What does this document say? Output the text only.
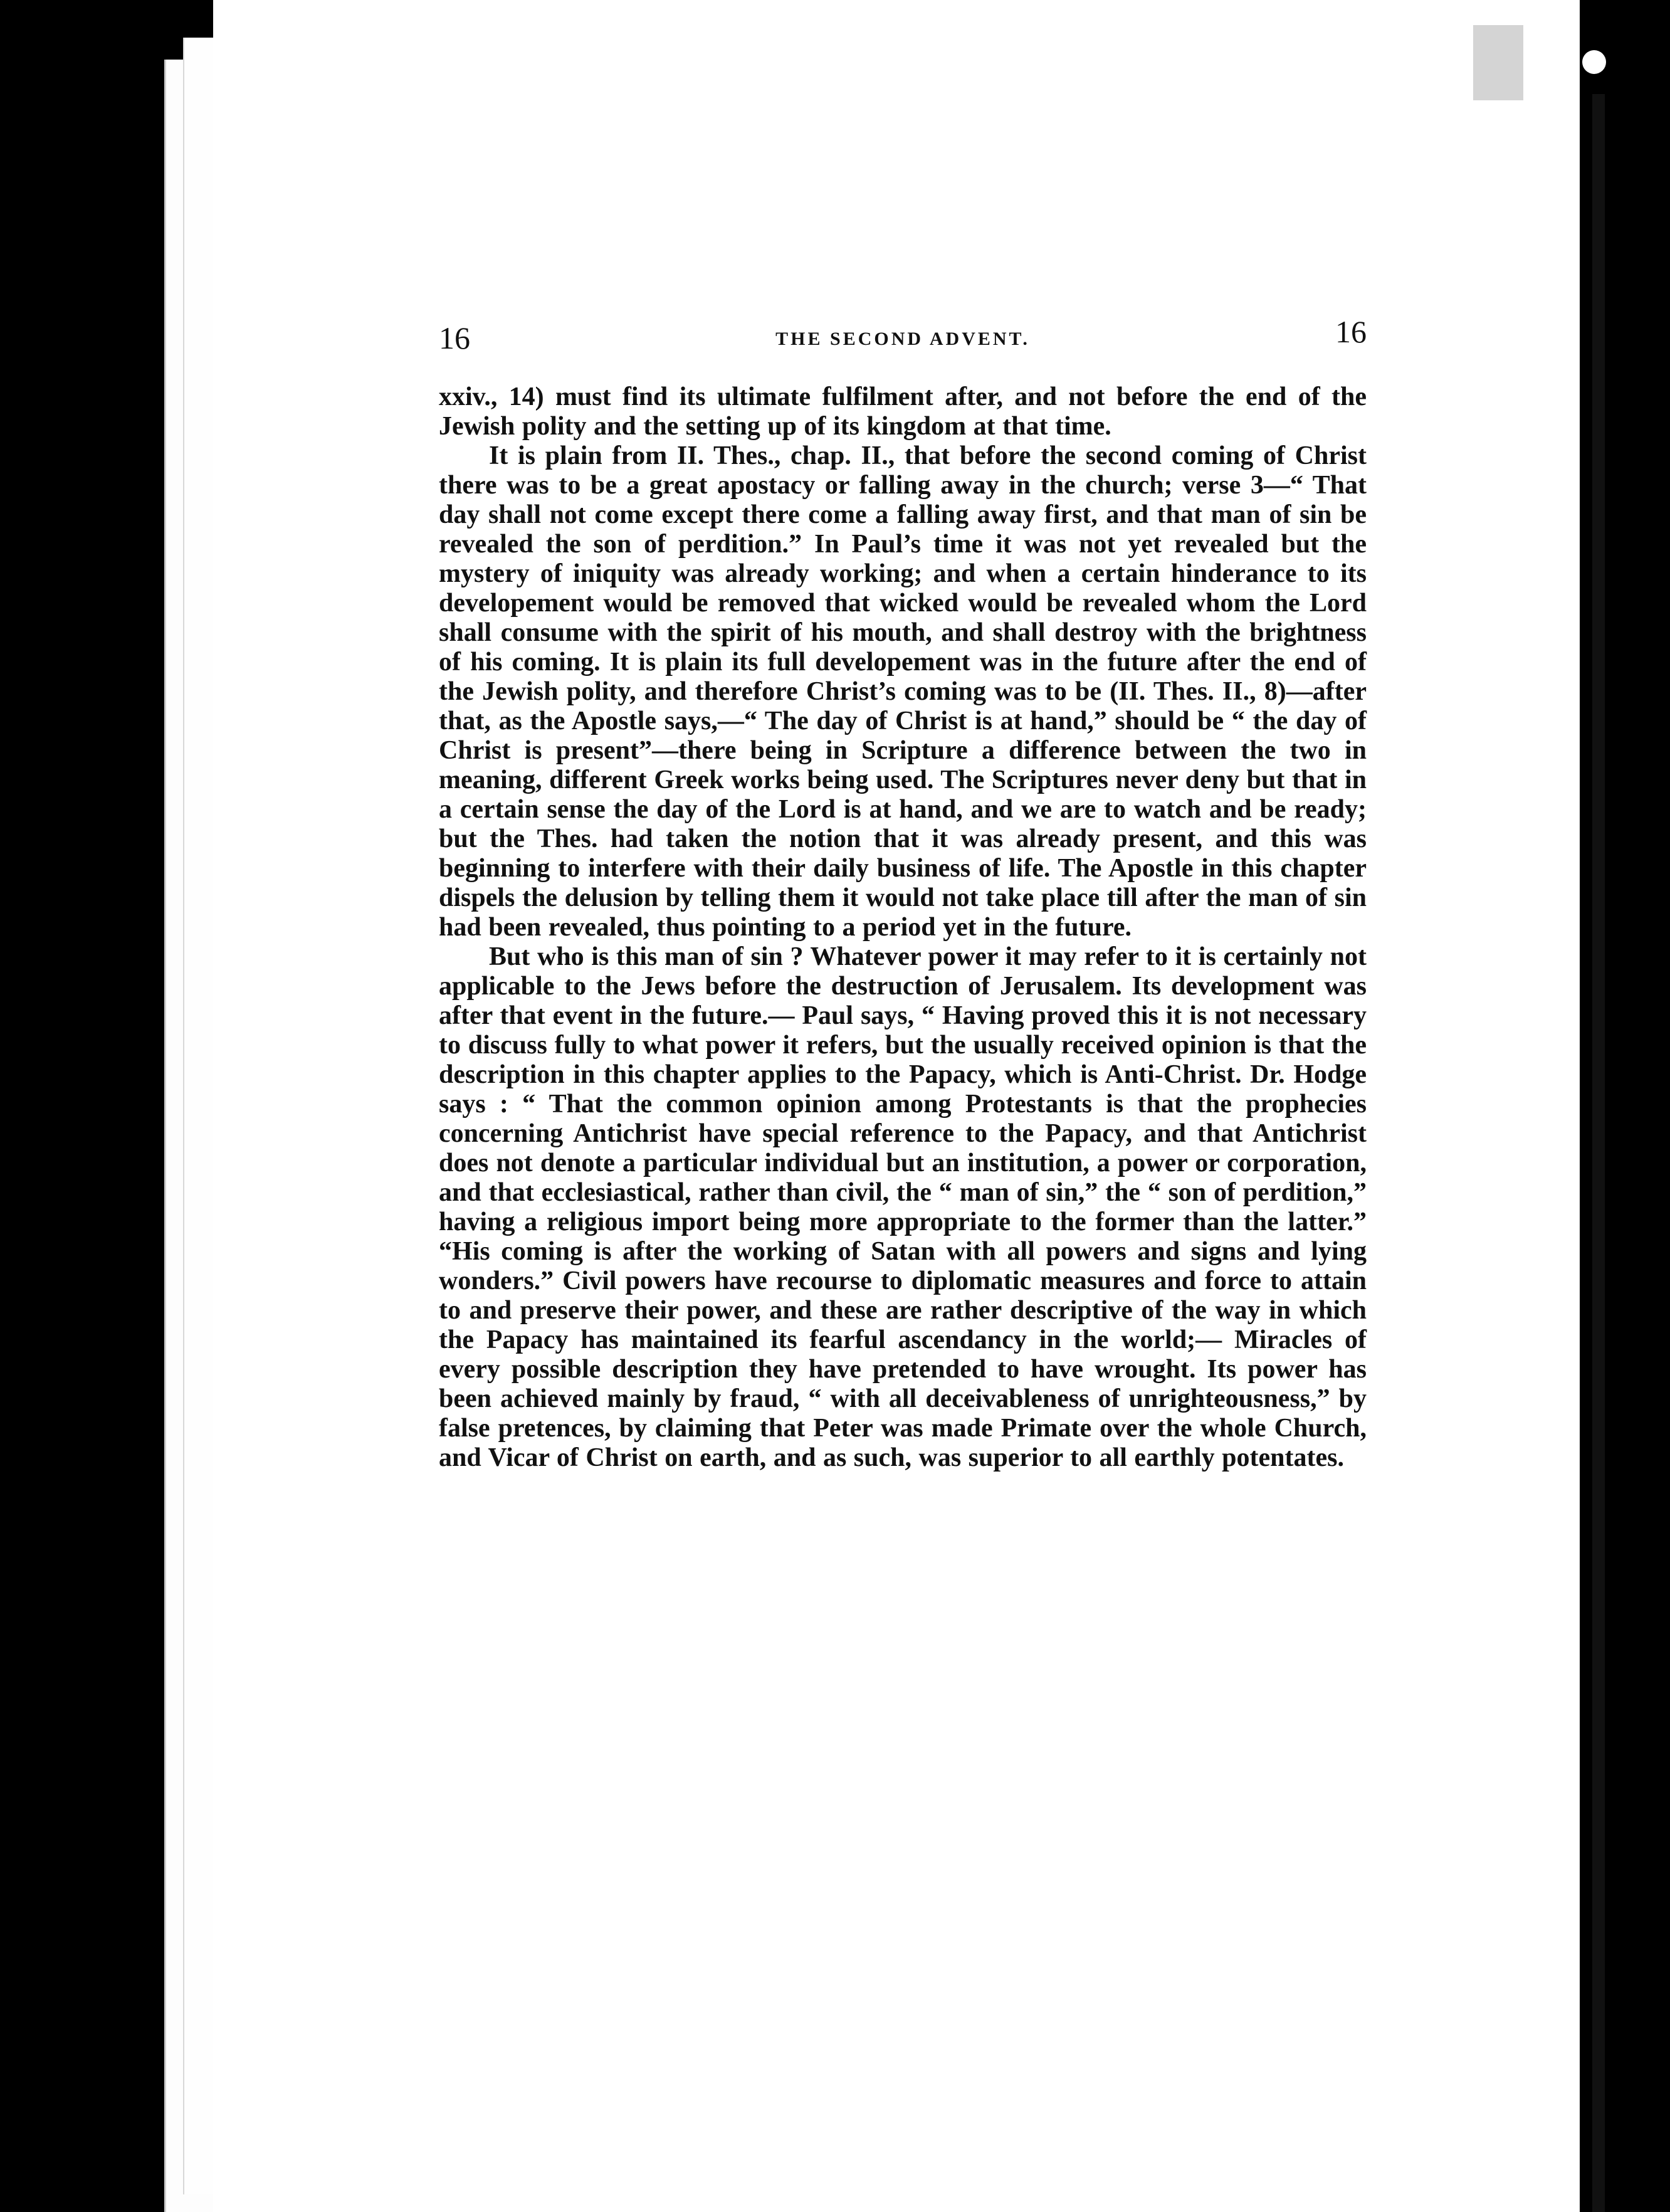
16	THE SECOND ADVENT.	16

xxiv., 14) must find its ultimate fulfilment after, and not before the end of the Jewish polity and the setting up of its kingdom at that time.

It is plain from II. Thes., chap. II., that before the second coming of Christ there was to be a great apostacy or falling away in the church; verse 3—“ That day shall not come except there come a falling away first, and that man of sin be revealed the son of perdition.” In Paul’s time it was not yet revealed but the mystery of iniquity was already working; and when a certain hinderance to its developement would be removed that wicked would be revealed whom the Lord shall consume with the spirit of his mouth, and shall destroy with the brightness of his coming. It is plain its full developement was in the future after the end of the Jewish polity, and therefore Christ’s coming was to be (II. Thes. II., 8)—after that, as the Apostle says,—“ The day of Christ is at hand,” should be “ the day of Christ is present”—there being in Scripture a difference between the two in meaning, different Greek works being used. The Scriptures never deny but that in a certain sense the day of the Lord is at hand, and we are to watch and be ready; but the Thes. had taken the notion that it was already present, and this was beginning to interfere with their daily business of life. The Apostle in this chapter dispels the delusion by telling them it would not take place till after the man of sin had been revealed, thus pointing to a period yet in the future.

But who is this man of sin ? Whatever power it may refer to it is certainly not applicable to the Jews before the destruction of Jerusalem. Its development was after that event in the future.— Paul says, “ Having proved this it is not necessary to discuss fully to what power it refers, but the usually received opinion is that the description in this chapter applies to the Papacy, which is Anti-Christ. Dr. Hodge says : “ That the common opinion among Protestants is that the prophecies concerning Antichrist have special reference to the Papacy, and that Antichrist does not denote a particular individual but an institution, a power or corporation, and that ecclesiastical, rather than civil, the “ man of sin,” the “ son of perdition,” having a religious import being more appropriate to the former than the latter.” “His coming is after the working of Satan with all powers and signs and lying wonders.” Civil powers have recourse to diplomatic measures and force to attain to and preserve their power, and these are rather descriptive of the way in which the Papacy has maintained its fearful ascendancy in the world;— Miracles of every possible description they have pretended to have wrought. Its power has been achieved mainly by fraud, “ with all deceivableness of unrighteousness,” by false pretences, by claiming that Peter was made Primate over the whole Church, and Vicar of Christ on earth, and as such, was superior to all earthly potentates.
